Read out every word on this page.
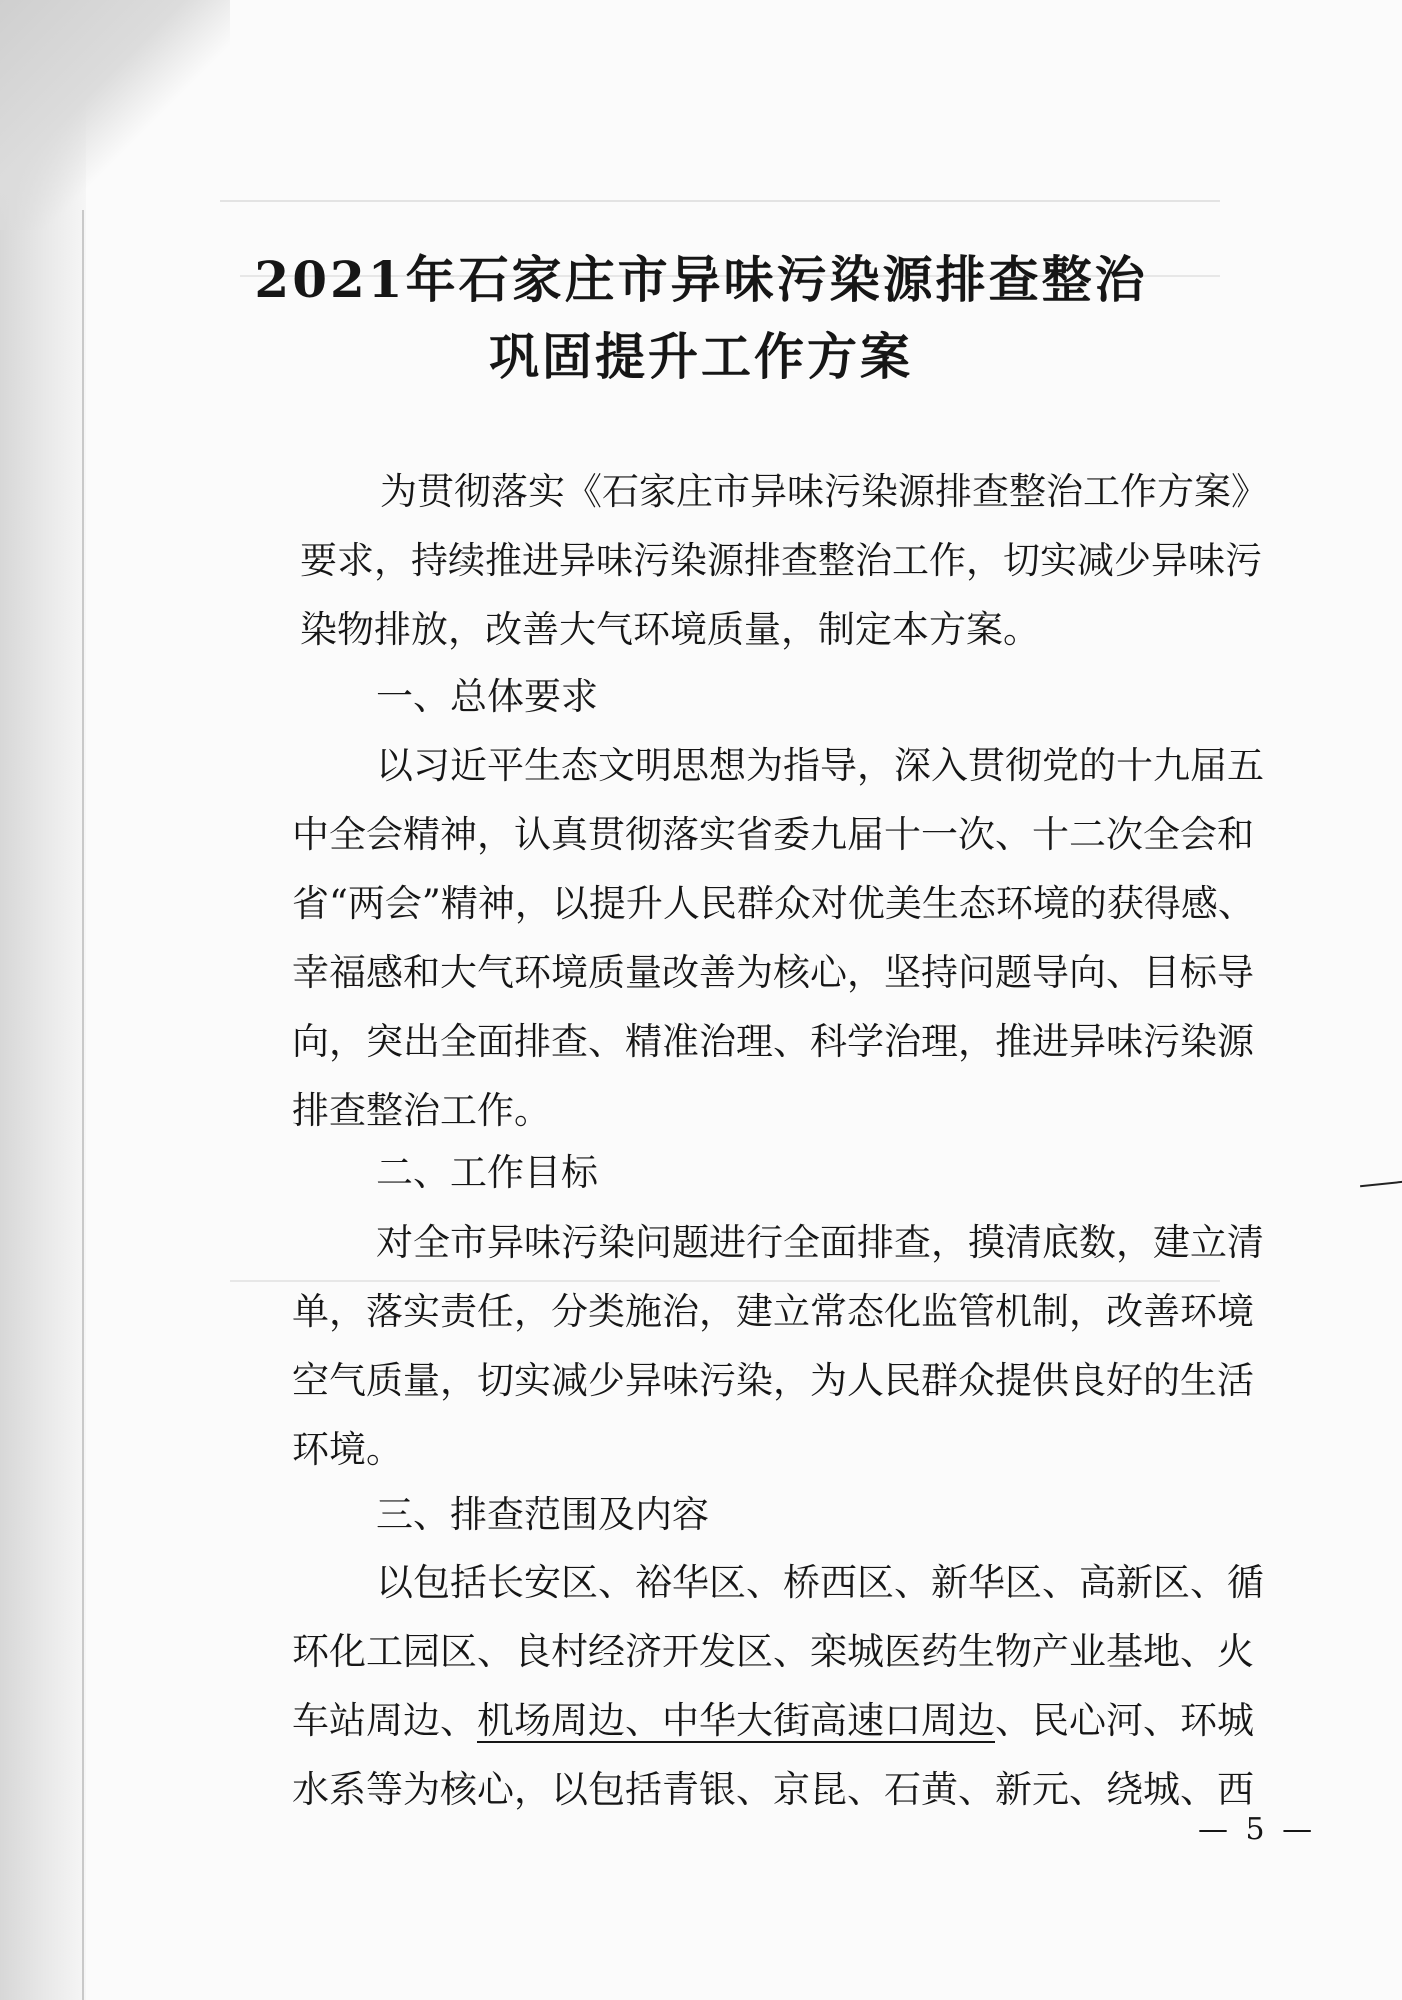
2021年石家庄市异味污染源排查整治
巩固提升工作方案
为贯彻落实《石家庄市异味污染源排查整治工作方案》
要求，持续推进异味污染源排查整治工作，切实减少异味污
染物排放，改善大气环境质量，制定本方案。
一、总体要求
以习近平生态文明思想为指导，深入贯彻党的十九届五
中全会精神，认真贯彻落实省委九届十一次、十二次全会和
省“两会”精神，以提升人民群众对优美生态环境的获得感、
幸福感和大气环境质量改善为核心，坚持问题导向、目标导
向，突出全面排查、精准治理、科学治理，推进异味污染源
排查整治工作。
二、工作目标
对全市异味污染问题进行全面排查，摸清底数，建立清
单，落实责任，分类施治，建立常态化监管机制，改善环境
空气质量，切实减少异味污染，为人民群众提供良好的生活
环境。
三、排查范围及内容
以包括长安区、裕华区、桥西区、新华区、高新区、循
环化工园区、良村经济开发区、栾城医药生物产业基地、火
车站周边、机场周边、中华大街高速口周边、民心河、环城
水系等为核心，以包括青银、京昆、石黄、新元、绕城、西
— 5 —
